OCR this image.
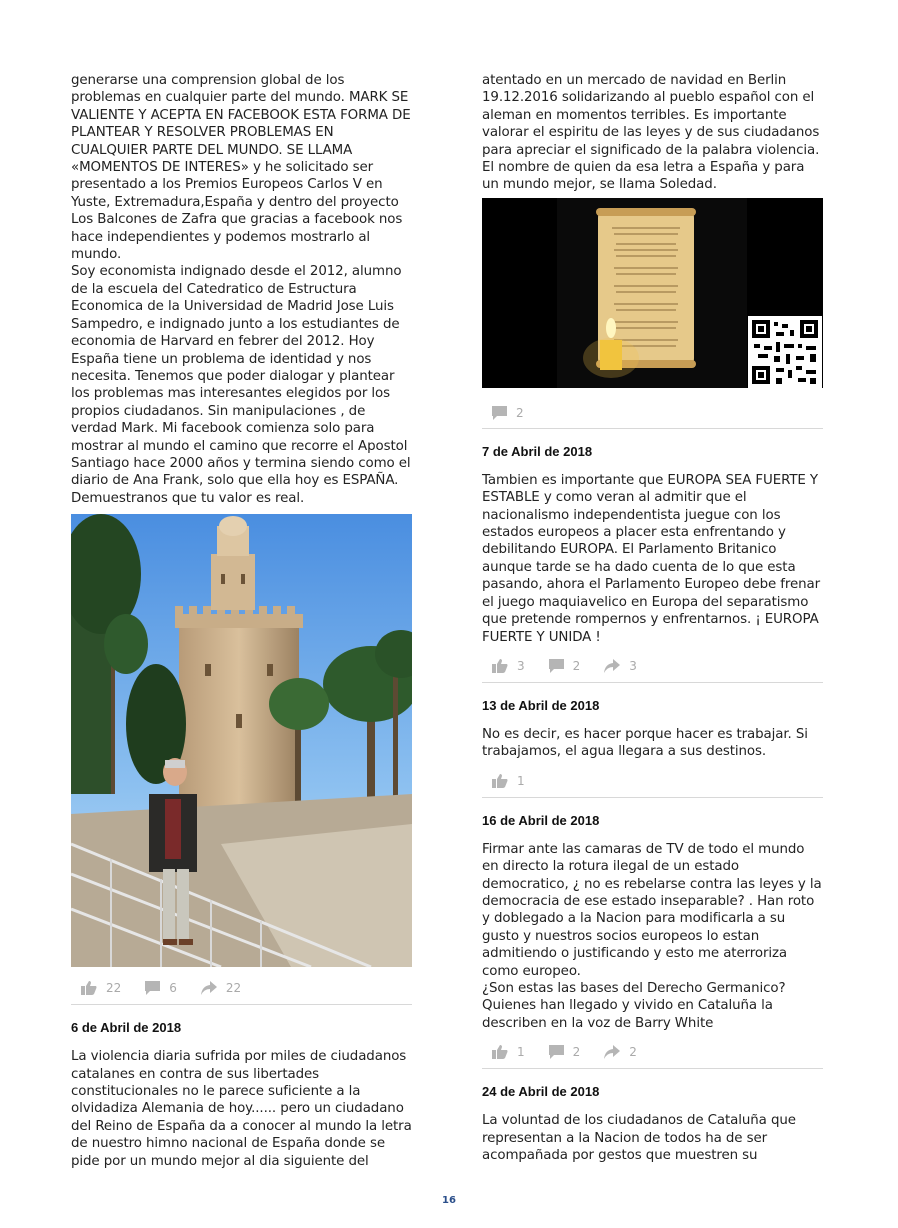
generarse una comprension global de los problemas en cualquier parte del mundo. MARK SE VALIENTE Y ACEPTA EN FACEBOOK ESTA FORMA DE PLANTEAR Y RESOLVER PROBLEMAS EN CUALQUIER PARTE DEL MUNDO. SE LLAMA «MOMENTOS DE INTERES» y he solicitado ser presentado a los Premios Europeos Carlos V en Yuste, Extremadura,España y dentro del proyecto Los Balcones de Zafra que gracias a facebook nos hace independientes y podemos mostrarlo al mundo.

Soy economista indignado desde el 2012, alumno de la escuela del Catedratico de Estructura Economica de la Universidad de Madrid Jose Luis Sampedro, e indignado junto a los estudiantes de economia de Harvard en febrer del 2012. Hoy España tiene un problema de identidad y nos necesita. Tenemos que poder dialogar y plantear los problemas mas interesantes elegidos por los propios ciudadanos. Sin manipulaciones , de verdad Mark. Mi facebook comienza solo para mostrar al mundo el camino que recorre el Apostol Santiago hace 2000 años y termina siendo como el diario de Ana Frank, solo que ella hoy es ESPAÑA. Demuestranos que tu valor es real.

22	6	22

6 de Abril de 2018

La violencia diaria sufrida por miles de ciudadanos catalanes en contra de sus libertades constitucionales no le parece suficiente a la olvidadiza Alemania de hoy...... pero un ciudadano del Reino de España da a conocer al mundo la letra de nuestro himno nacional de España donde se pide por un mundo mejor al dia siguiente del

atentado en un mercado de navidad en Berlin 19.12.2016 solidarizando al pueblo español con el aleman en momentos terribles. Es importante valorar el espiritu de las leyes y de sus ciudadanos para apreciar el significado de la palabra violencia. El nombre de quien da esa letra a España y para un mundo mejor, se llama Soledad.

2

7 de Abril de 2018

Tambien es importante que EUROPA SEA FUERTE Y ESTABLE y como veran al admitir que el nacionalismo independentista juegue con los estados europeos a placer esta enfrentando y debilitando EUROPA. El Parlamento Britanico aunque tarde se ha dado cuenta de lo que esta pasando, ahora el Parlamento Europeo debe frenar el juego maquiavelico en Europa del separatismo que pretende rompernos y enfrentarnos. ¡ EUROPA FUERTE Y UNIDA !

3	2	3

13 de Abril de 2018

No es decir, es hacer porque hacer es trabajar. Si trabajamos, el agua llegara a sus destinos.

1

16 de Abril de 2018

Firmar ante las camaras de TV de todo el mundo en directo la rotura ilegal de un estado democratico, ¿ no es rebelarse contra las leyes y la democracia de ese estado inseparable? . Han roto y doblegado a la Nacion para modificarla a su gusto y nuestros socios europeos lo estan admitiendo o justificando y esto me aterroriza como europeo.

¿Son estas las bases del Derecho Germanico? Quienes han llegado y vivido en Cataluña la describen en la voz de Barry White

1	2	2

24 de Abril de 2018

La voluntad de los ciudadanos de Cataluña que representan a la Nacion de todos ha de ser acompañada por gestos que muestren su

16
